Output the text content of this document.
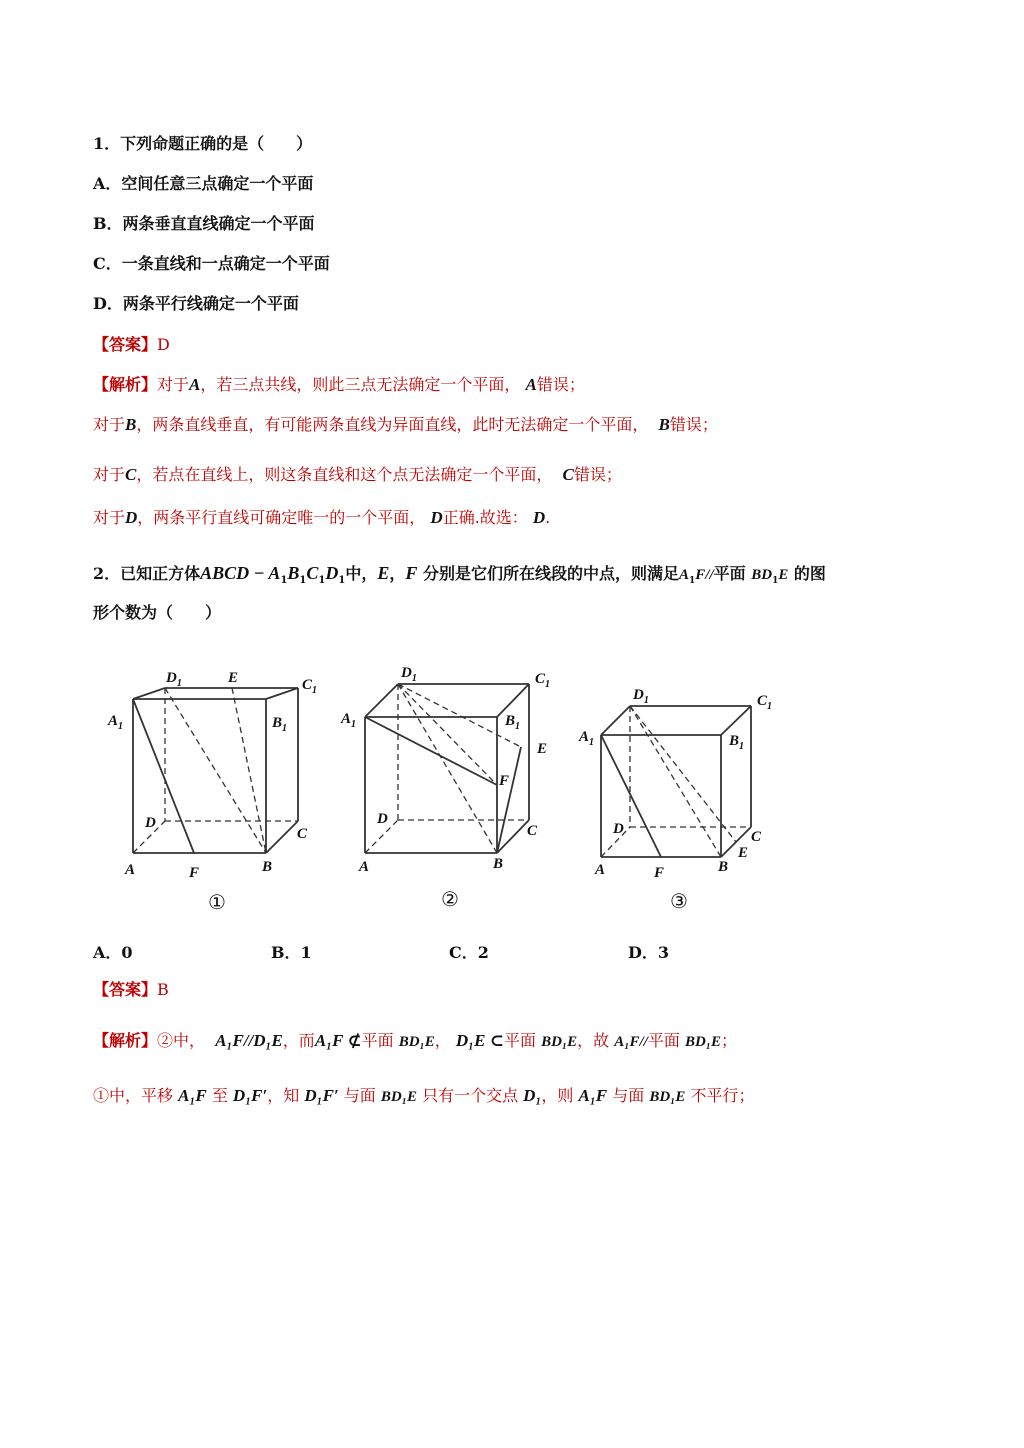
1．下列命题正确的是（　　）
A．空间任意三点确定一个平面
B．两条垂直直线确定一个平面
C．一条直线和一点确定一个平面
D．两条平行线确定一个平面
【答案】D
【解析】对于A，若三点共线，则此三点无法确定一个平面， A错误；
对于B，两条直线垂直，有可能两条直线为异面直线，此时无法确定一个平面， B错误；
对于C，若点在直线上，则这条直线和这个点无法确定一个平面， C错误；
对于D，两条平行直线可确定唯一的一个平面， D正确.故选： D.
2．已知正方体ABCD − $A_1B_1C_1D_1$中，E，F 分别是它们所在线段的中点，则满足$A_1F//$平面 $BD_1E$ 的图
形个数为（　　）
$D_1$	E	$C_1$
$A_1$	$B_1$
D
C
A	F	B
$D_1$	$C_1$
$A_1$	$B_1$
E
F
D
C
A	B
$D_1$	$C_1$
$A_1$	$B_1$
D	C
E
A	F	B
①	②	③
A．0	B．1	C．2	D．3
【答案】B
【解析】②中， A₁F//D₁E，而A₁F ⊄平面 BD₁E， D₁E ⊂平面 BD₁E，故 A₁F//平面 BD₁E；
①中，平移 A₁F 至 D₁F′，知 D₁F′ 与面 BD₁E 只有一个交点 D₁，则 A₁F 与面 BD₁E 不平行；
